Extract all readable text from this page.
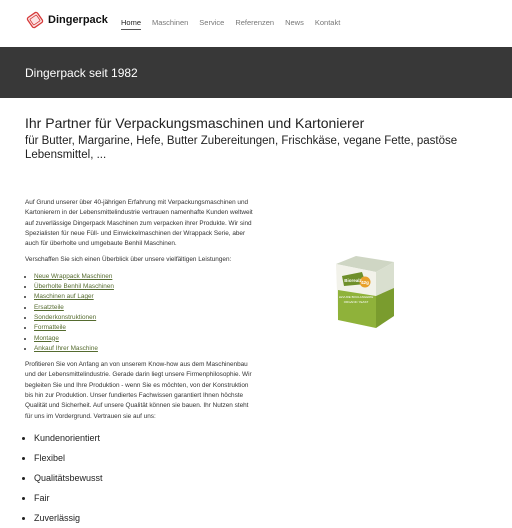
Dingerpack Home Maschinen Service Referenzen News Kontakt
Dingerpack seit 1982
Ihr Partner für Verpackungsmaschinen und Kartonierer
für Butter, Margarine, Hefe, Butter Zubereitungen, Frischkäse, vegane Fette, pastöse Lebensmittel, ...

Auf Grund unserer über 40-jährigen Erfahrung mit Verpackungsmaschinen und Kartonierern in der Lebensmittelindustrie vertrauen namenhafte Kunden weltweit auf zuverlässige Dingerpack Maschinen zum verpacken ihrer Produkte. Wir sind Spezialisten für neue Füll- und Einwickelmaschinen der Wrappack Serie, aber auch für überholte und umgebaute Benhil Maschinen.

Verschaffen Sie sich einen Überblick über unsere vielfältigen Leistungen:

• Neue Wrappack Maschinen
• Überholte Benhil Maschinen
• Maschinen auf Lager
• Ersatzteile
• Sonderkonstruktionen
• Formatteile
• Montage
• Ankauf Ihrer Maschine

Profitieren Sie von Anfang an von unserem Know-how aus dem Maschinenbau und der Lebensmittelindustrie. Gerade darin liegt unsere Firmenphilosophie. Wir begleiten Sie und Ihre Produktion - wenn Sie es möchten, von der Konstruktion bis hin zur Produktion. Unser fundiertes Fachwissen garantiert Ihnen höchste Qualität und Sicherheit. Auf unsere Qualität können sie bauen. Ihr Nutzen steht für uns im Vordergrund. Vertrauen sie auf uns:

• Kundenorientiert
• Flexibel
• Qualitätsbewusst
• Fair
• Zuverlässig
Biorealz 42g
LEVURE BOULANGERIE
ORGANIC YEAST
